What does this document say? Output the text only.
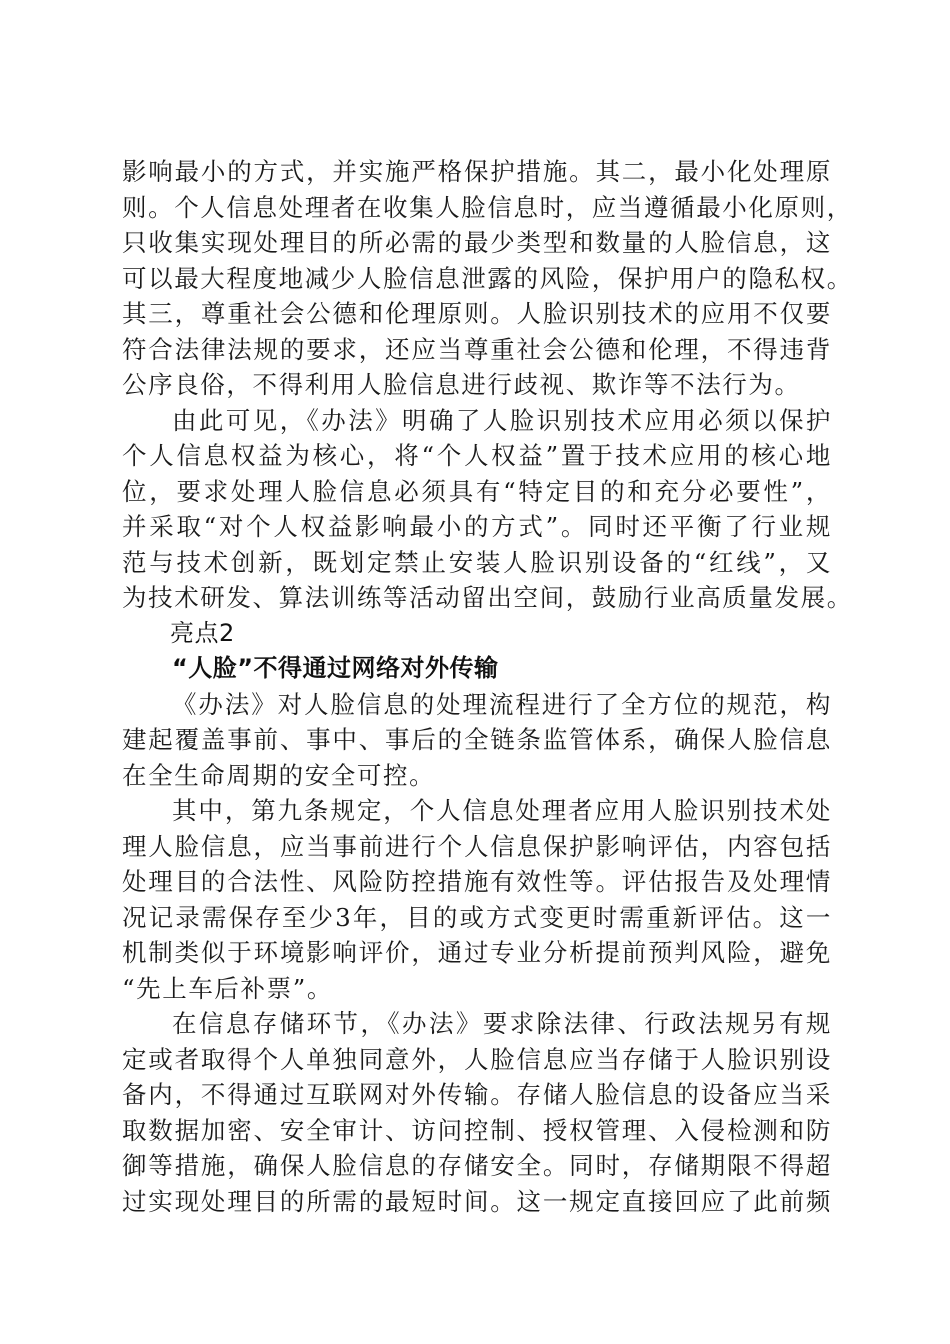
影响最小的方式，并实施严格保护措施。其二，最小化处理原
则。个人信息处理者在收集人脸信息时，应当遵循最小化原则，
只收集实现处理目的所必需的最少类型和数量的人脸信息，这
可以最大程度地减少人脸信息泄露的风险，保护用户的隐私权。
其三，尊重社会公德和伦理原则。人脸识别技术的应用不仅要
符合法律法规的要求，还应当尊重社会公德和伦理，不得违背
公序良俗，不得利用人脸信息进行歧视、欺诈等不法行为。
由此可见，《办法》明确了人脸识别技术应用必须以保护
个人信息权益为核心，将“个人权益”置于技术应用的核心地
位，要求处理人脸信息必须具有“特定目的和充分必要性”，
并采取“对个人权益影响最小的方式”。同时还平衡了行业规
范与技术创新，既划定禁止安装人脸识别设备的“红线”，又
为技术研发、算法训练等活动留出空间，鼓励行业高质量发展。
亮点2
“人脸”不得通过网络对外传输
《办法》对人脸信息的处理流程进行了全方位的规范，构
建起覆盖事前、事中、事后的全链条监管体系，确保人脸信息
在全生命周期的安全可控。
其中，第九条规定，个人信息处理者应用人脸识别技术处
理人脸信息，应当事前进行个人信息保护影响评估，内容包括
处理目的合法性、风险防控措施有效性等。评估报告及处理情
况记录需保存至少3年，目的或方式变更时需重新评估。这一
机制类似于环境影响评价，通过专业分析提前预判风险，避免
“先上车后补票”。
在信息存储环节，《办法》要求除法律、行政法规另有规
定或者取得个人单独同意外，人脸信息应当存储于人脸识别设
备内，不得通过互联网对外传输。存储人脸信息的设备应当采
取数据加密、安全审计、访问控制、授权管理、入侵检测和防
御等措施，确保人脸信息的存储安全。同时，存储期限不得超
过实现处理目的所需的最短时间。这一规定直接回应了此前频
